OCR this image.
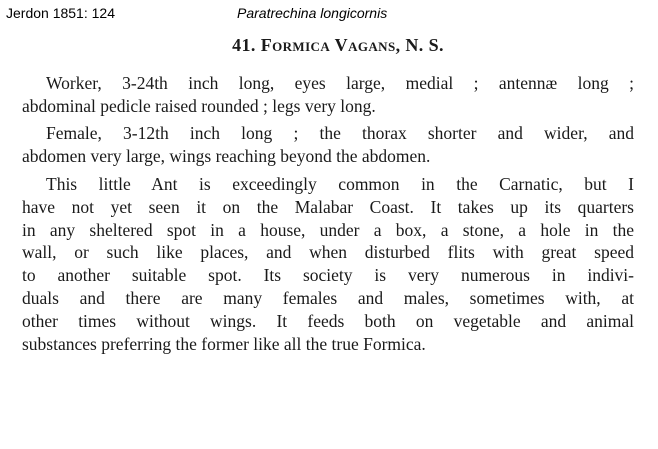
Jerdon 1851: 124	Paratrechina longicornis
41. Formica Vagans, N. S.
Worker, 3-24th inch long, eyes large, medial ; antennæ long ;
abdominal pedicle raised rounded ; legs very long.
Female, 3-12th inch long ; the thorax shorter and wider, and
abdomen very large, wings reaching beyond the abdomen.
This little Ant is exceedingly common in the Carnatic, but I
have not yet seen it on the Malabar Coast. It takes up its quarters
in any sheltered spot in a house, under a box, a stone, a hole in the
wall, or such like places, and when disturbed flits with great speed
to another suitable spot. Its society is very numerous in indivi-
duals and there are many females and males, sometimes with, at
other times without wings. It feeds both on vegetable and animal
substances preferring the former like all the true Formica.
